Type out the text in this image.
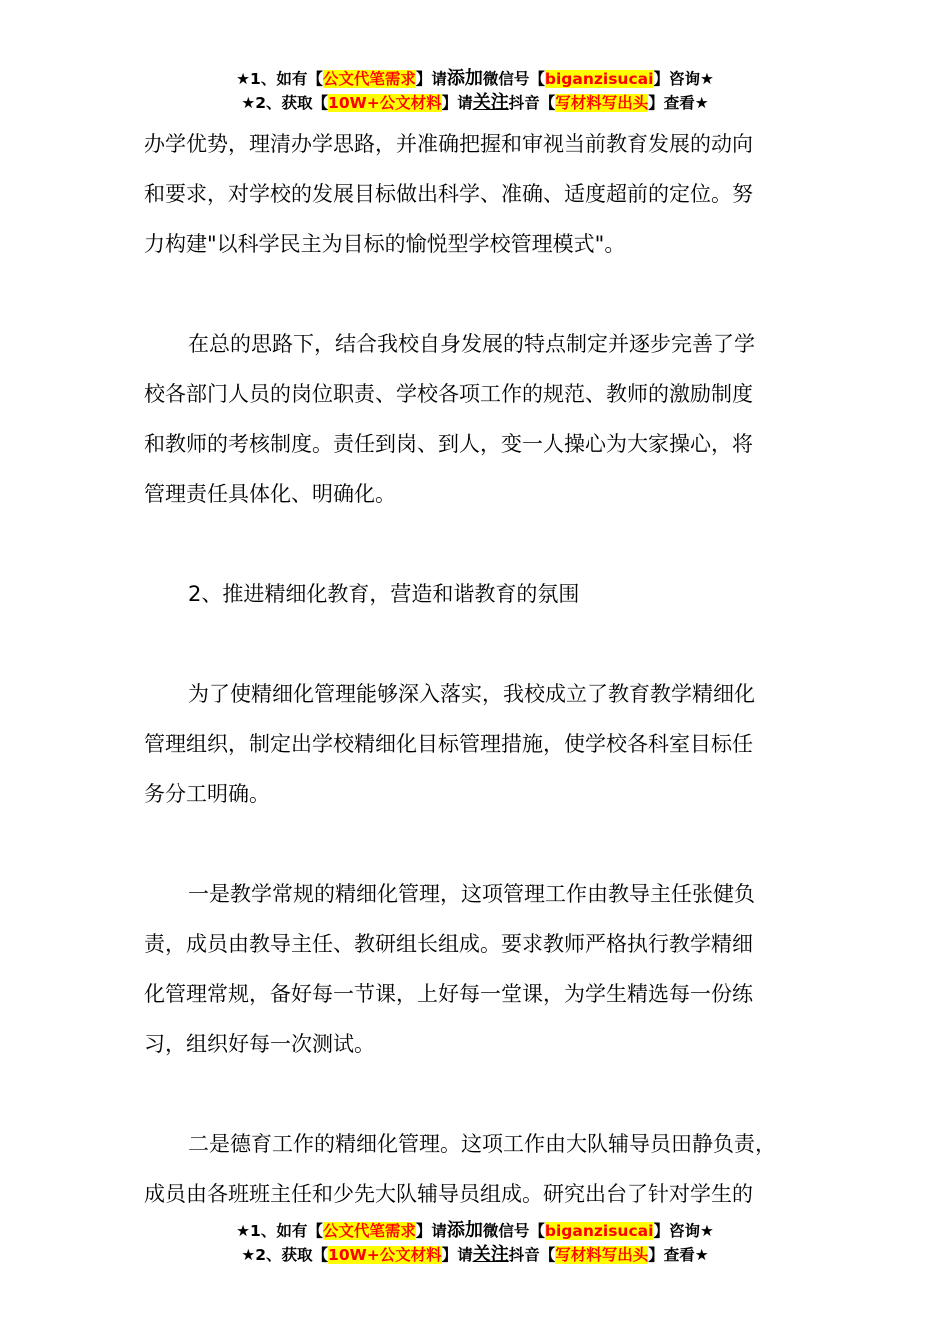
★1、如有【公文代笔需求】请添加微信号【biganzisucai】咨询★
★2、获取【10W+公文材料】请关注抖音【写材料写出头】查看★

办学优势，理清办学思路，并准确把握和审视当前教育发展的动向

和要求，对学校的发展目标做出科学、准确、适度超前的定位。努

力构建"以科学民主为目标的愉悦型学校管理模式"。

在总的思路下，结合我校自身发展的特点制定并逐步完善了学

校各部门人员的岗位职责、学校各项工作的规范、教师的激励制度

和教师的考核制度。责任到岗、到人，变一人操心为大家操心，将

管理责任具体化、明确化。

2、推进精细化教育，营造和谐教育的氛围

为了使精细化管理能够深入落实，我校成立了教育教学精细化

管理组织，制定出学校精细化目标管理措施，使学校各科室目标任

务分工明确。

一是教学常规的精细化管理，这项管理工作由教导主任张健负

责，成员由教导主任、教研组长组成。要求教师严格执行教学精细

化管理常规，备好每一节课，上好每一堂课，为学生精选每一份练

习，组织好每一次测试。

二是德育工作的精细化管理。这项工作由大队辅导员田静负责，

成员由各班班主任和少先大队辅导员组成。研究出台了针对学生的

★1、如有【公文代笔需求】请添加微信号【biganzisucai】咨询★
★2、获取【10W+公文材料】请关注抖音【写材料写出头】查看★
